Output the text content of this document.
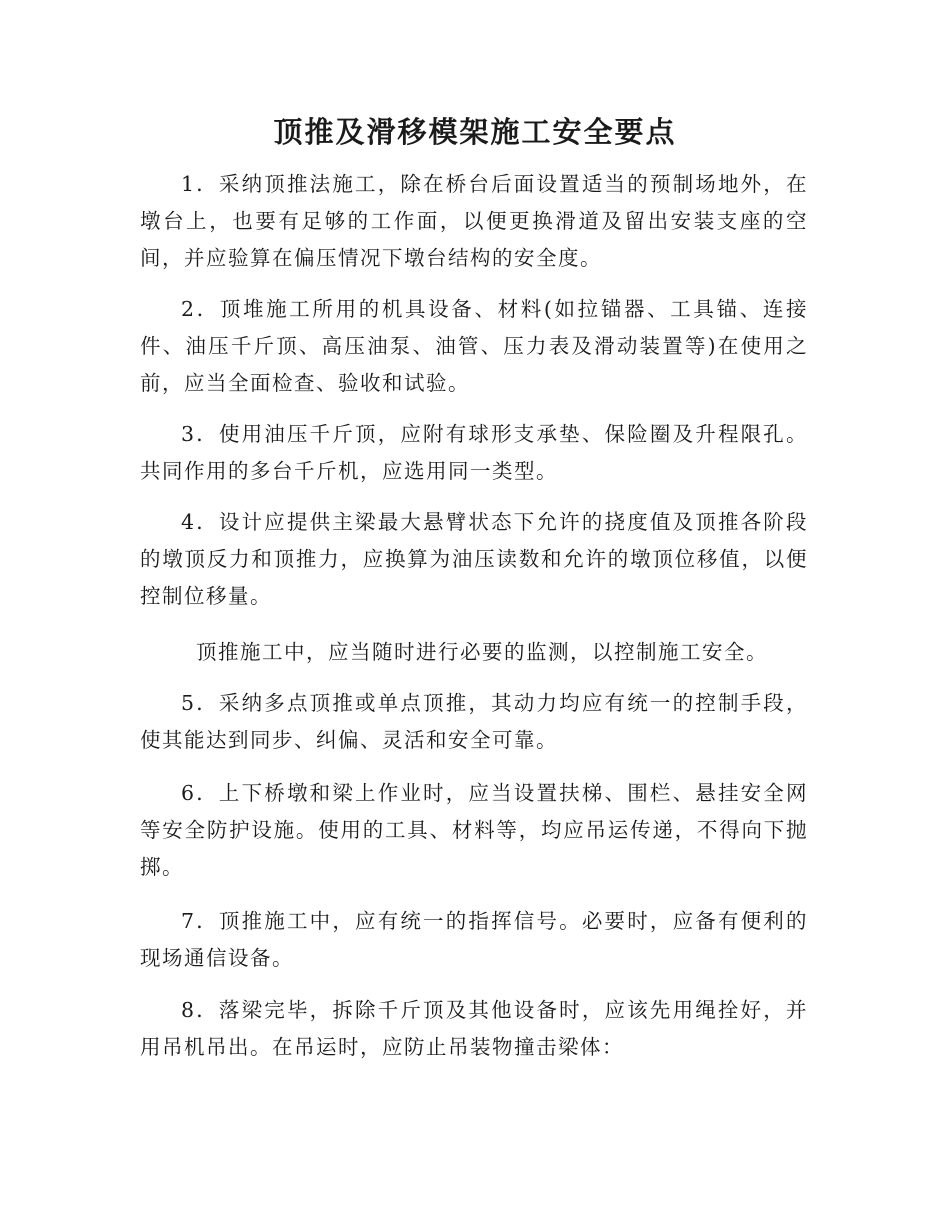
顶推及滑移模架施工安全要点

1．采纳顶推法施工，除在桥台后面设置适当的预制场地外，在墩台上，也要有足够的工作面，以便更换滑道及留出安装支座的空间，并应验算在偏压情况下墩台结构的安全度。

2．顶堆施工所用的机具设备、材料(如拉锚器、工具锚、连接件、油压千斤顶、高压油泵、油管、压力表及滑动装置等)在使用之前，应当全面检查、验收和试验。

3．使用油压千斤顶，应附有球形支承垫、保险圈及升程限孔。共同作用的多台千斤机，应选用同一类型。

4．设计应提供主梁最大悬臂状态下允许的挠度值及顶推各阶段的墩顶反力和顶推力，应换算为油压读数和允许的墩顶位移值，以便控制位移量。

顶推施工中，应当随时进行必要的监测，以控制施工安全。

5．采纳多点顶推或单点顶推，其动力均应有统一的控制手段，使其能达到同步、纠偏、灵活和安全可靠。

6．上下桥墩和梁上作业时，应当设置扶梯、围栏、悬挂安全网等安全防护设施。使用的工具、材料等，均应吊运传递，不得向下抛掷。

7．顶推施工中，应有统一的指挥信号。必要时，应备有便利的现场通信设备。

8．落梁完毕，拆除千斤顶及其他设备时，应该先用绳拴好，并用吊机吊出。在吊运时，应防止吊装物撞击梁体：
